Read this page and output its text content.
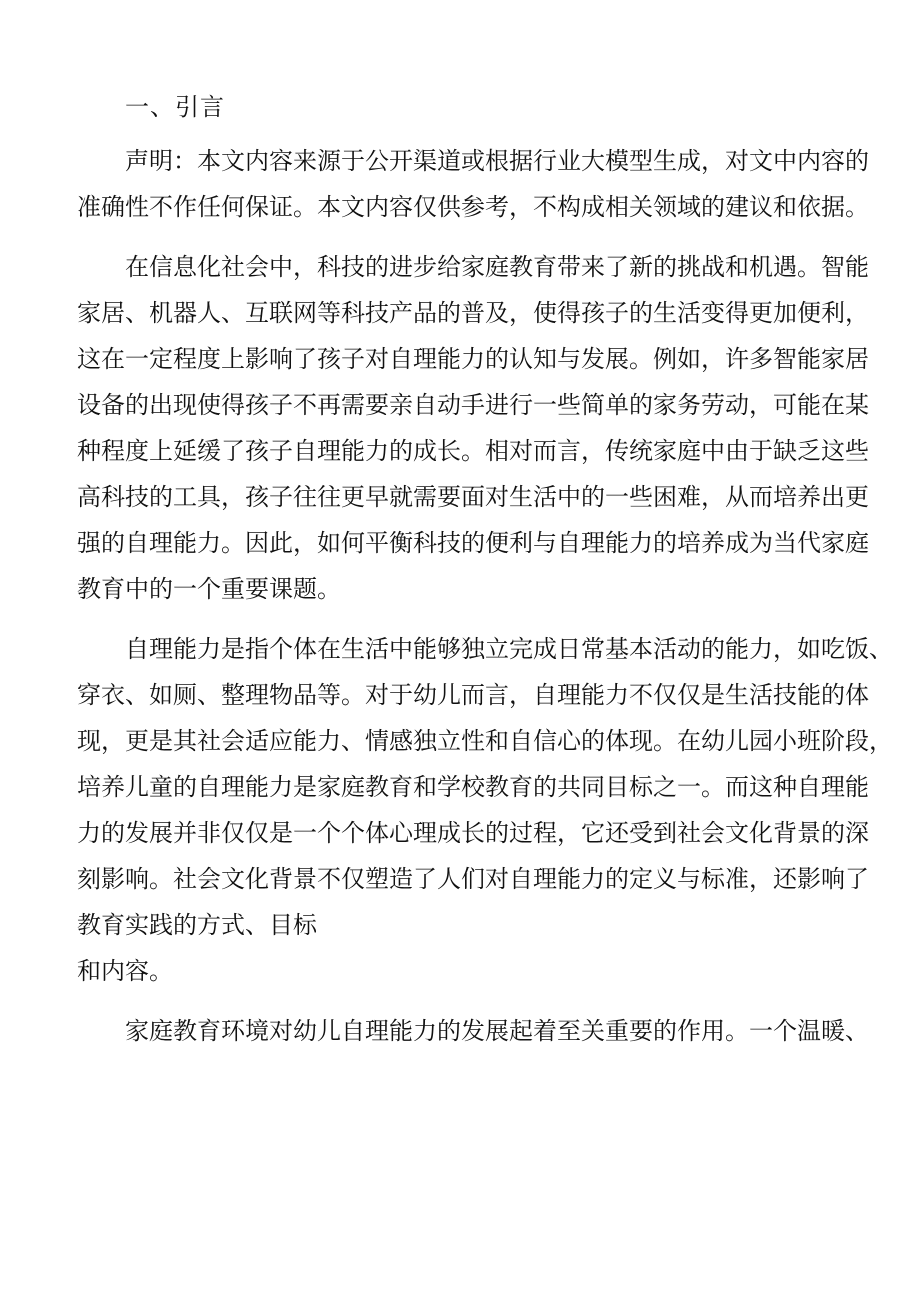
一、引言
声明：本文内容来源于公开渠道或根据行业大模型生成，对文中内容的
准确性不作任何保证。本文内容仅供参考，不构成相关领域的建议和依据。
在信息化社会中，科技的进步给家庭教育带来了新的挑战和机遇。智能
家居、机器人、互联网等科技产品的普及，使得孩子的生活变得更加便利，
这在一定程度上影响了孩子对自理能力的认知与发展。例如，许多智能家居
设备的出现使得孩子不再需要亲自动手进行一些简单的家务劳动，可能在某
种程度上延缓了孩子自理能力的成长。相对而言，传统家庭中由于缺乏这些
高科技的工具，孩子往往更早就需要面对生活中的一些困难，从而培养出更
强的自理能力。因此，如何平衡科技的便利与自理能力的培养成为当代家庭
教育中的一个重要课题。
自理能力是指个体在生活中能够独立完成日常基本活动的能力，如吃饭、
穿衣、如厕、整理物品等。对于幼儿而言，自理能力不仅仅是生活技能的体
现，更是其社会适应能力、情感独立性和自信心的体现。在幼儿园小班阶段，
培养儿童的自理能力是家庭教育和学校教育的共同目标之一。而这种自理能
力的发展并非仅仅是一个个体心理成长的过程，它还受到社会文化背景的深
刻影响。社会文化背景不仅塑造了人们对自理能力的定义与标准，还影响了
教育实践的方式、目标
和内容。
家庭教育环境对幼儿自理能力的发展起着至关重要的作用。一个温暖、
